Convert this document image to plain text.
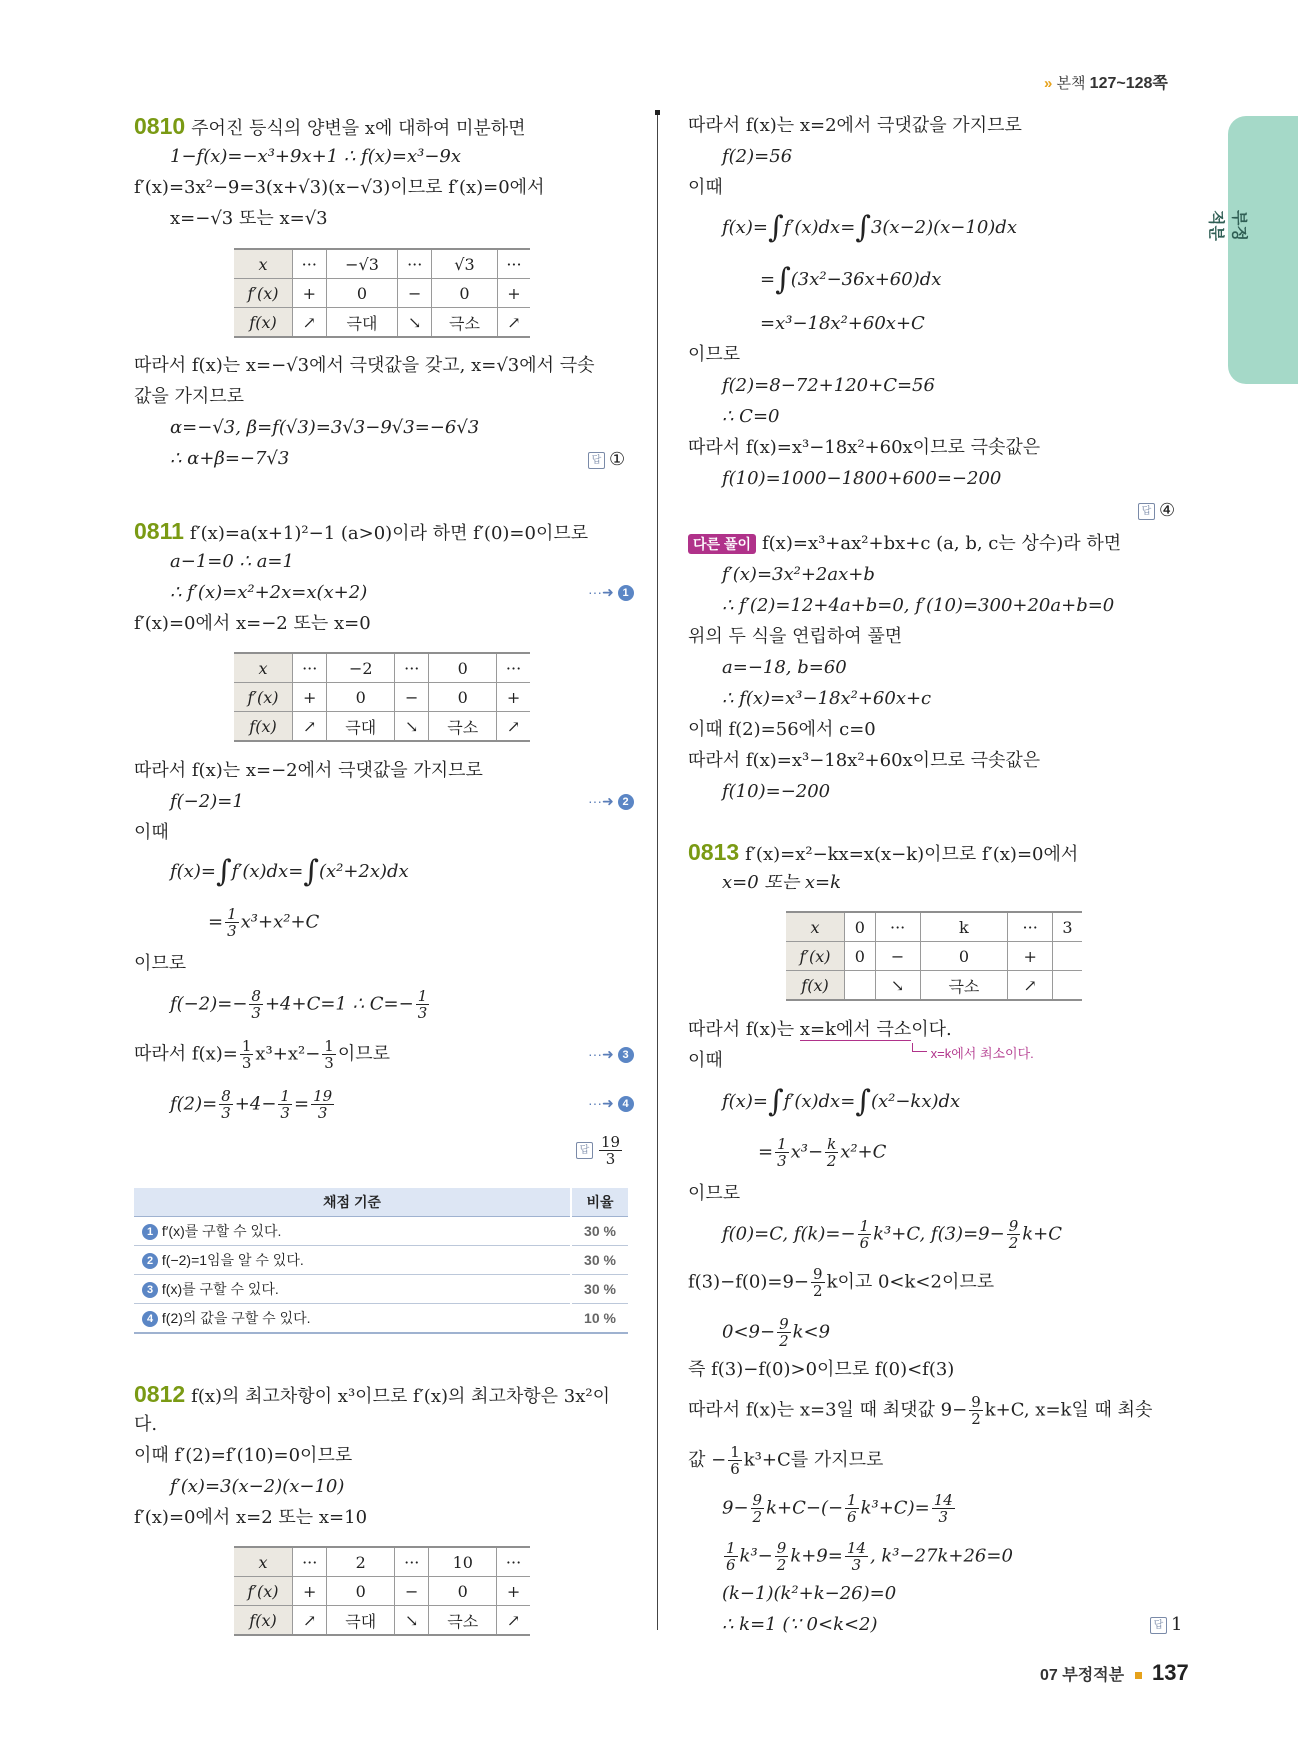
» 본책 127~128쪽
07
부정적분
0810 주어진 등식의 양변을 x에 대하여 미분하면
1−f(x)=−x³+9x+1 ∴ f(x)=x³−9x
f′(x)=3x²−9=3(x+√3)(x−√3)이므로 f′(x)=0에서
x=−√3 또는 x=√3
x	···	−√3	···	√3	···
f′(x)	+	0	−	0	+
f(x)	↗	극대	↘	극소	↗
따라서 f(x)는 x=−√3에서 극댓값을 갖고, x=√3에서 극솟
값을 가지므로
α=−√3, β=f(√3)=3√3−9√3=−6√3
∴ α+β=−7√3	답 ①
0811 f′(x)=a(x+1)²−1 (a>0)이라 하면 f′(0)=0이므로
a−1=0 ∴ a=1
∴ f′(x)=x²+2x=x(x+2)	···➜ 1
f′(x)=0에서 x=−2 또는 x=0
x	···	−2	···	0	···
f′(x)	+	0	−	0	+
f(x)	↗	극대	↘	극소	↗
따라서 f(x)는 x=−2에서 극댓값을 가지므로
f(−2)=1	···➜ 2
이때
f(x)=∫f′(x)dx=∫(x²+2x)dx
= $\frac{1}{3} x^3+x^2+C$
이므로
$f(-2)=- \frac{8}{3} +4+C=1$ ∴ $C=- \frac{1}{3}$
따라서 $f(x)= \frac{1}{3} x^3+x^2- \frac{1}{3}$ 이므로	···➜ 3
$f(2)= \frac{8}{3} +4- \frac{1}{3} = \frac{19}{3}$	···➜ 4
답 $\frac{19}{3}$
채점 기준	비율
1 f′(x)를 구할 수 있다.	30 %
2 f(−2)=1임을 알 수 있다.	30 %
3 f(x)를 구할 수 있다.	30 %
4 f(2)의 값을 구할 수 있다.	10 %
0812 f(x)의 최고차항이 x³이므로 f′(x)의 최고차항은 3x²이
다.
이때 f′(2)=f′(10)=0이므로
f′(x)=3(x−2)(x−10)
f′(x)=0에서 x=2 또는 x=10
x	···	2	···	10	···
f′(x)	+	0	−	0	+
f(x)	↗	극대	↘	극소	↗
따라서 f(x)는 x=2에서 극댓값을 가지므로
f(2)=56
이때
f(x)=∫f′(x)dx=∫3(x−2)(x−10)dx
=∫(3x²−36x+60)dx
=x³−18x²+60x+C
이므로
f(2)=8−72+120+C=56
∴ C=0
따라서 f(x)=x³−18x²+60x이므로 극솟값은
f(10)=1000−1800+600=−200
답 ④
다른 풀이 f(x)=x³+ax²+bx+c (a, b, c는 상수)라 하면
f′(x)=3x²+2ax+b
∴ f′(2)=12+4a+b=0, f′(10)=300+20a+b=0
위의 두 식을 연립하여 풀면
a=−18, b=60
∴ f(x)=x³−18x²+60x+c
이때 f(2)=56에서 c=0
따라서 f(x)=x³−18x²+60x이므로 극솟값은
f(10)=−200
0813 f′(x)=x²−kx=x(x−k)이므로 f′(x)=0에서
x=0 또는 x=k
x	0	···	k	···	3
f′(x)	0	−	0	+	
f(x)		↘	극소	↗	
따라서 f(x)는 x=k에서 극소이다.
x=k에서 최소이다.
이때
f(x)=∫f′(x)dx=∫(x²−kx)dx
= $\frac{1}{3} x^3- \frac{k}{2} x^2+C$
이므로
f(0)=C, $f(k)=- \frac{1}{6} k^3+C$, $f(3)=9- \frac{9}{2} k+C$
$f(3)-f(0)=9- \frac{9}{2}$ k이고 0<k<2이므로
$0<9- \frac{9}{2} k<9$
즉 f(3)−f(0)>0이므로 f(0)<f(3)
따라서 f(x)는 x=3일 때 최댓값 $9- \frac{9}{2} k+C$, x=k일 때 최솟
값 − $\frac{1}{6} k^3+C$를 가지므로
$9- \frac{9}{2} k+C-(- \frac{1}{6} k^3+C)= \frac{14}{3}$
$\frac{1}{6} k^3- \frac{9}{2} k+9= \frac{14}{3}$ , k³−27k+26=0
(k−1)(k²+k−26)=0
∴ k=1 (∵ 0<k<2)	답 1
07 부정적분 137
